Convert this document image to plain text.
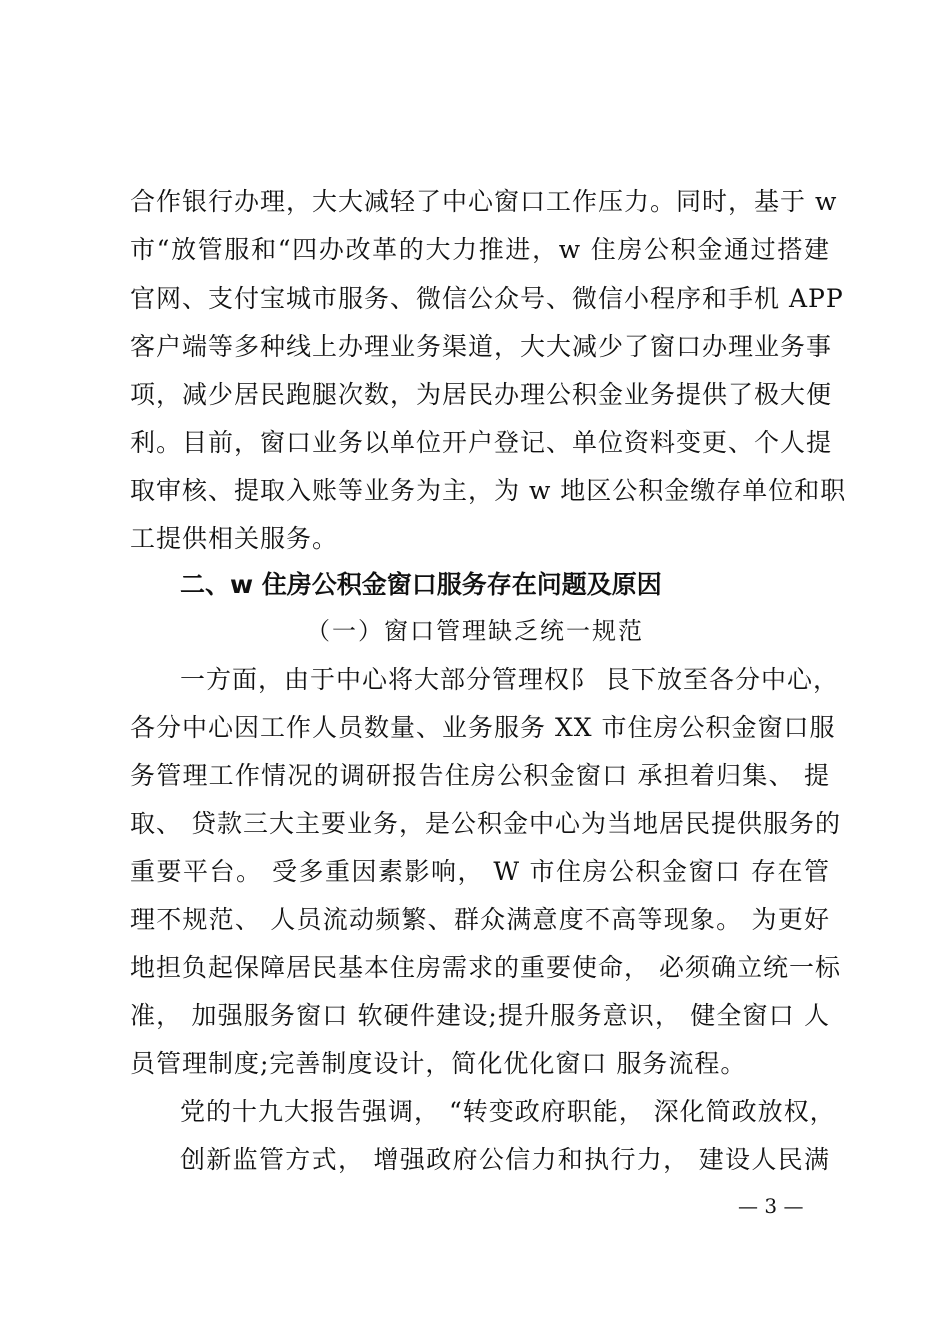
合作银行办理，大大减轻了中心窗口工作压力。同时，基于 w
市“放管服和“四办改革的大力推进，w 住房公积金通过搭建
官网、支付宝城市服务、微信公众号、微信小程序和手机 APP
客户端等多种线上办理业务渠道，大大减少了窗口办理业务事
项，减少居民跑腿次数，为居民办理公积金业务提供了极大便
利。目前，窗口业务以单位开户登记、单位资料变更、个人提
取审核、提取入账等业务为主，为 w 地区公积金缴存单位和职
工提供相关服务。
二、w 住房公积金窗口服务存在问题及原因
（一）窗口管理缺乏统一规范
一方面，由于中心将大部分管理权阝 艮下放至各分中心，
各分中心因工作人员数量、业务服务 XX 市住房公积金窗口服
务管理工作情况的调研报告住房公积金窗口 承担着归集、 提
取、 贷款三大主要业务，是公积金中心为当地居民提供服务的
重要平台。 受多重因素影响， W 市住房公积金窗口 存在管
理不规范、 人员流动频繁、群众满意度不高等现象。 为更好
地担负起保障居民基本住房需求的重要使命， 必须确立统一标
准， 加强服务窗口 软硬件建设;提升服务意识， 健全窗口 人
员管理制度;完善制度设计，简化优化窗口 服务流程。
党的十九大报告强调， “转变政府职能， 深化简政放权，
创新监管方式， 增强政府公信力和执行力， 建设人民满
— 3 —
